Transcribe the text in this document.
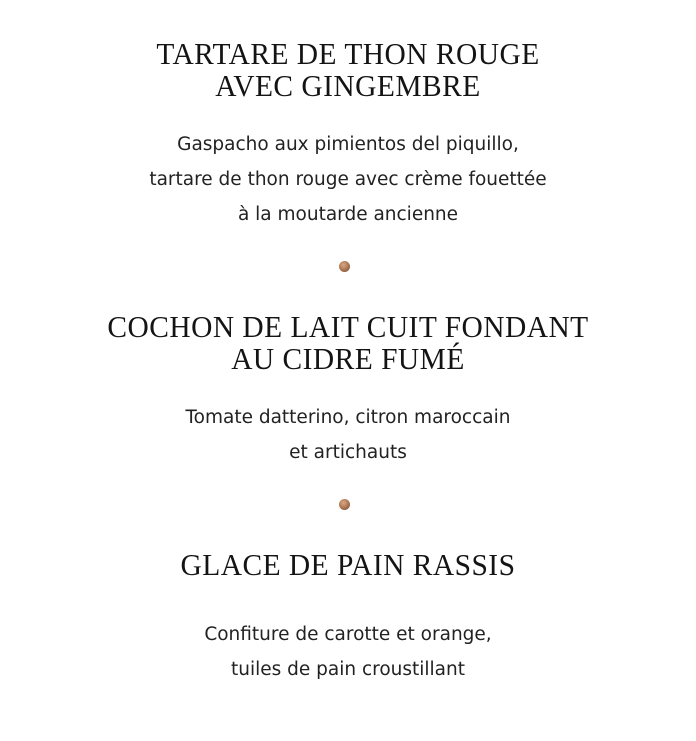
TARTARE DE THON ROUGE
AVEC GINGEMBRE
Gaspacho aux pimientos del piquillo,
tartare de thon rouge avec crème fouettée
à la moutarde ancienne
COCHON DE LAIT CUIT FONDANT
AU CIDRE FUMÉ
Tomate datterino, citron maroccain
et artichauts
GLACE DE PAIN RASSIS
Confiture de carotte et orange,
tuiles de pain croustillant
